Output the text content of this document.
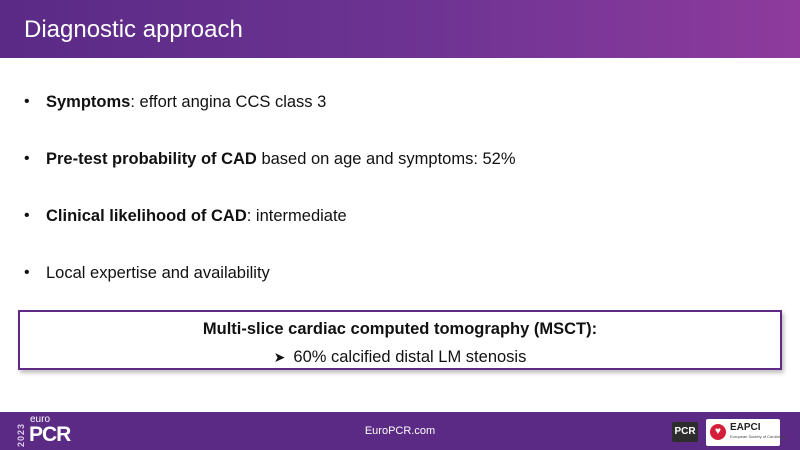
Diagnostic approach
• Symptoms: effort angina CCS class 3
• Pre-test probability of CAD based on age and symptoms: 52%
• Clinical likelihood of CAD: intermediate
• Local expertise and availability
Multi-slice cardiac computed tomography (MSCT):
➤ 60% calcified distal LM stenosis
2023
euro
PCR	EuroPCR.com	PCR	♥ EAPCI
European Society of Cardiology
